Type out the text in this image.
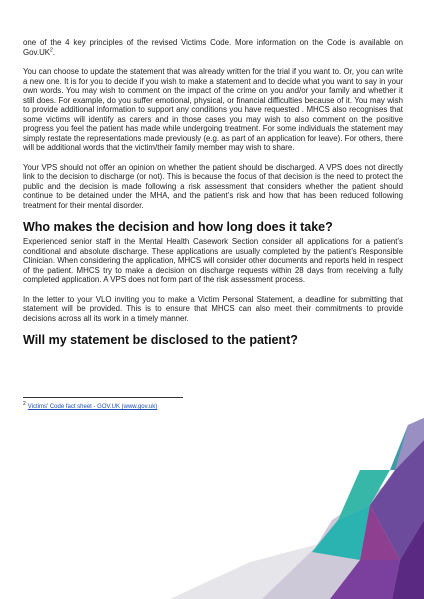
one of the 4 key principles of the revised Victims Code. More information on the Code is available on Gov.UK$^2$.

You can choose to update the statement that was already written for the trial if you want to. Or, you can write a new one. It is for you to decide if you wish to make a statement and to decide what you want to say in your own words. You may wish to comment on the impact of the crime on you and/or your family and whether it still does. For example, do you suffer emotional, physical, or financial difficulties because of it. You may wish to provide additional information to support any conditions you have requested . MHCS also recognises that some victims will identify as carers and in those cases you may wish to also comment on the positive progress you feel the patient has made while undergoing treatment. For some individuals the statement may simply restate the representations made previously (e.g. as part of an application for leave). For others, there will be additional words that the victim/their family member may wish to share.

Your VPS should not offer an opinion on whether the patient should be discharged. A VPS does not directly link to the decision to discharge (or not). This is because the focus of that decision is the need to protect the public and the decision is made following a risk assessment that considers whether the patient should continue to be detained under the MHA, and the patient’s risk and how that has been reduced following treatment for their mental disorder.

Who makes the decision and how long does it take?

Experienced senior staff in the Mental Health Casework Section consider all applications for a patient’s conditional and absolute discharge. These applications are usually completed by the patient’s Responsible Clinician. When considering the application, MHCS will consider other documents and reports held in respect of the patient. MHCS try to make a decision on discharge requests within 28 days from receiving a fully completed application. A VPS does not form part of the risk assessment process.

In the letter to your VLO inviting you to make a Victim Personal Statement, a deadline for submitting that statement will be provided. This is to ensure that MHCS can also meet their commitments to provide decisions across all its work in a timely manner.

Will my statement be disclosed to the patient?
$^2$ Victims' Code fact sheet - GOV.UK (www.gov.uk)
